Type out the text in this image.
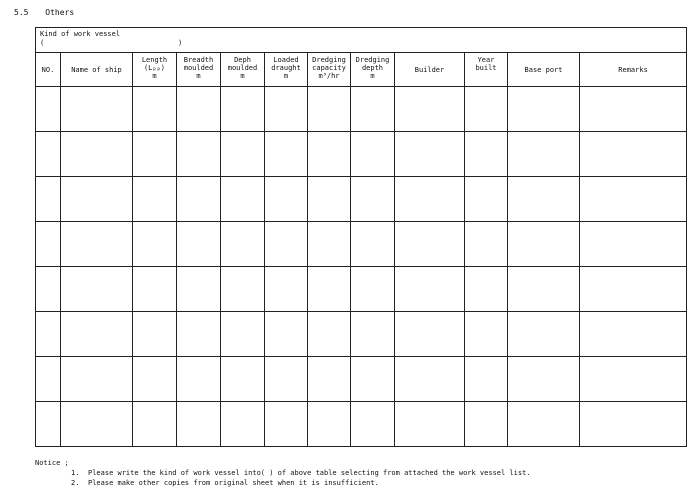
5.5 Others
Kind of work vessel
( )											

NO.	Name of ship	Length
(Lₚₚ)
m	Breadth
moulded
m	Deph
moulded
m	Loaded
draught
m	Dredging
capacity
m³/hr	Dredging
depth
m	Builder	Year
built	Base port	Remarks

Notice ;
1. Please write the kind of work vessel into( ) of above table selecting from attached the work vessel list.
2. Please make other copies from original sheet when it is insufficient.
